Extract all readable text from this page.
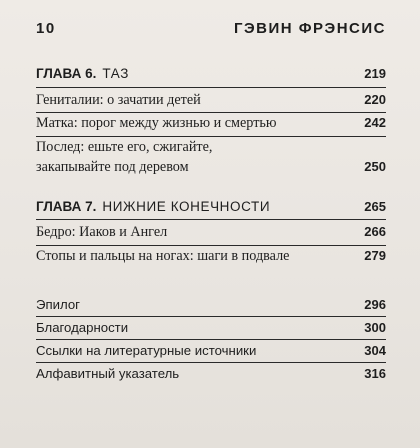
10	ГЭВИН ФРЭНСИС
ГЛАВА 6. ТАЗ	219
Гениталии: о зачатии детей	220
Матка: порог между жизнью и смертью	242
Послед: ешьте его, сжигайте,
закапывайте под деревом	250
ГЛАВА 7. НИЖНИЕ КОНЕЧНОСТИ	265
Бедро: Иаков и Ангел	266
Стопы и пальцы на ногах: шаги в подвале	279
Эпилог	296
Благодарности	300
Ссылки на литературные источники	304
Алфавитный указатель	316
